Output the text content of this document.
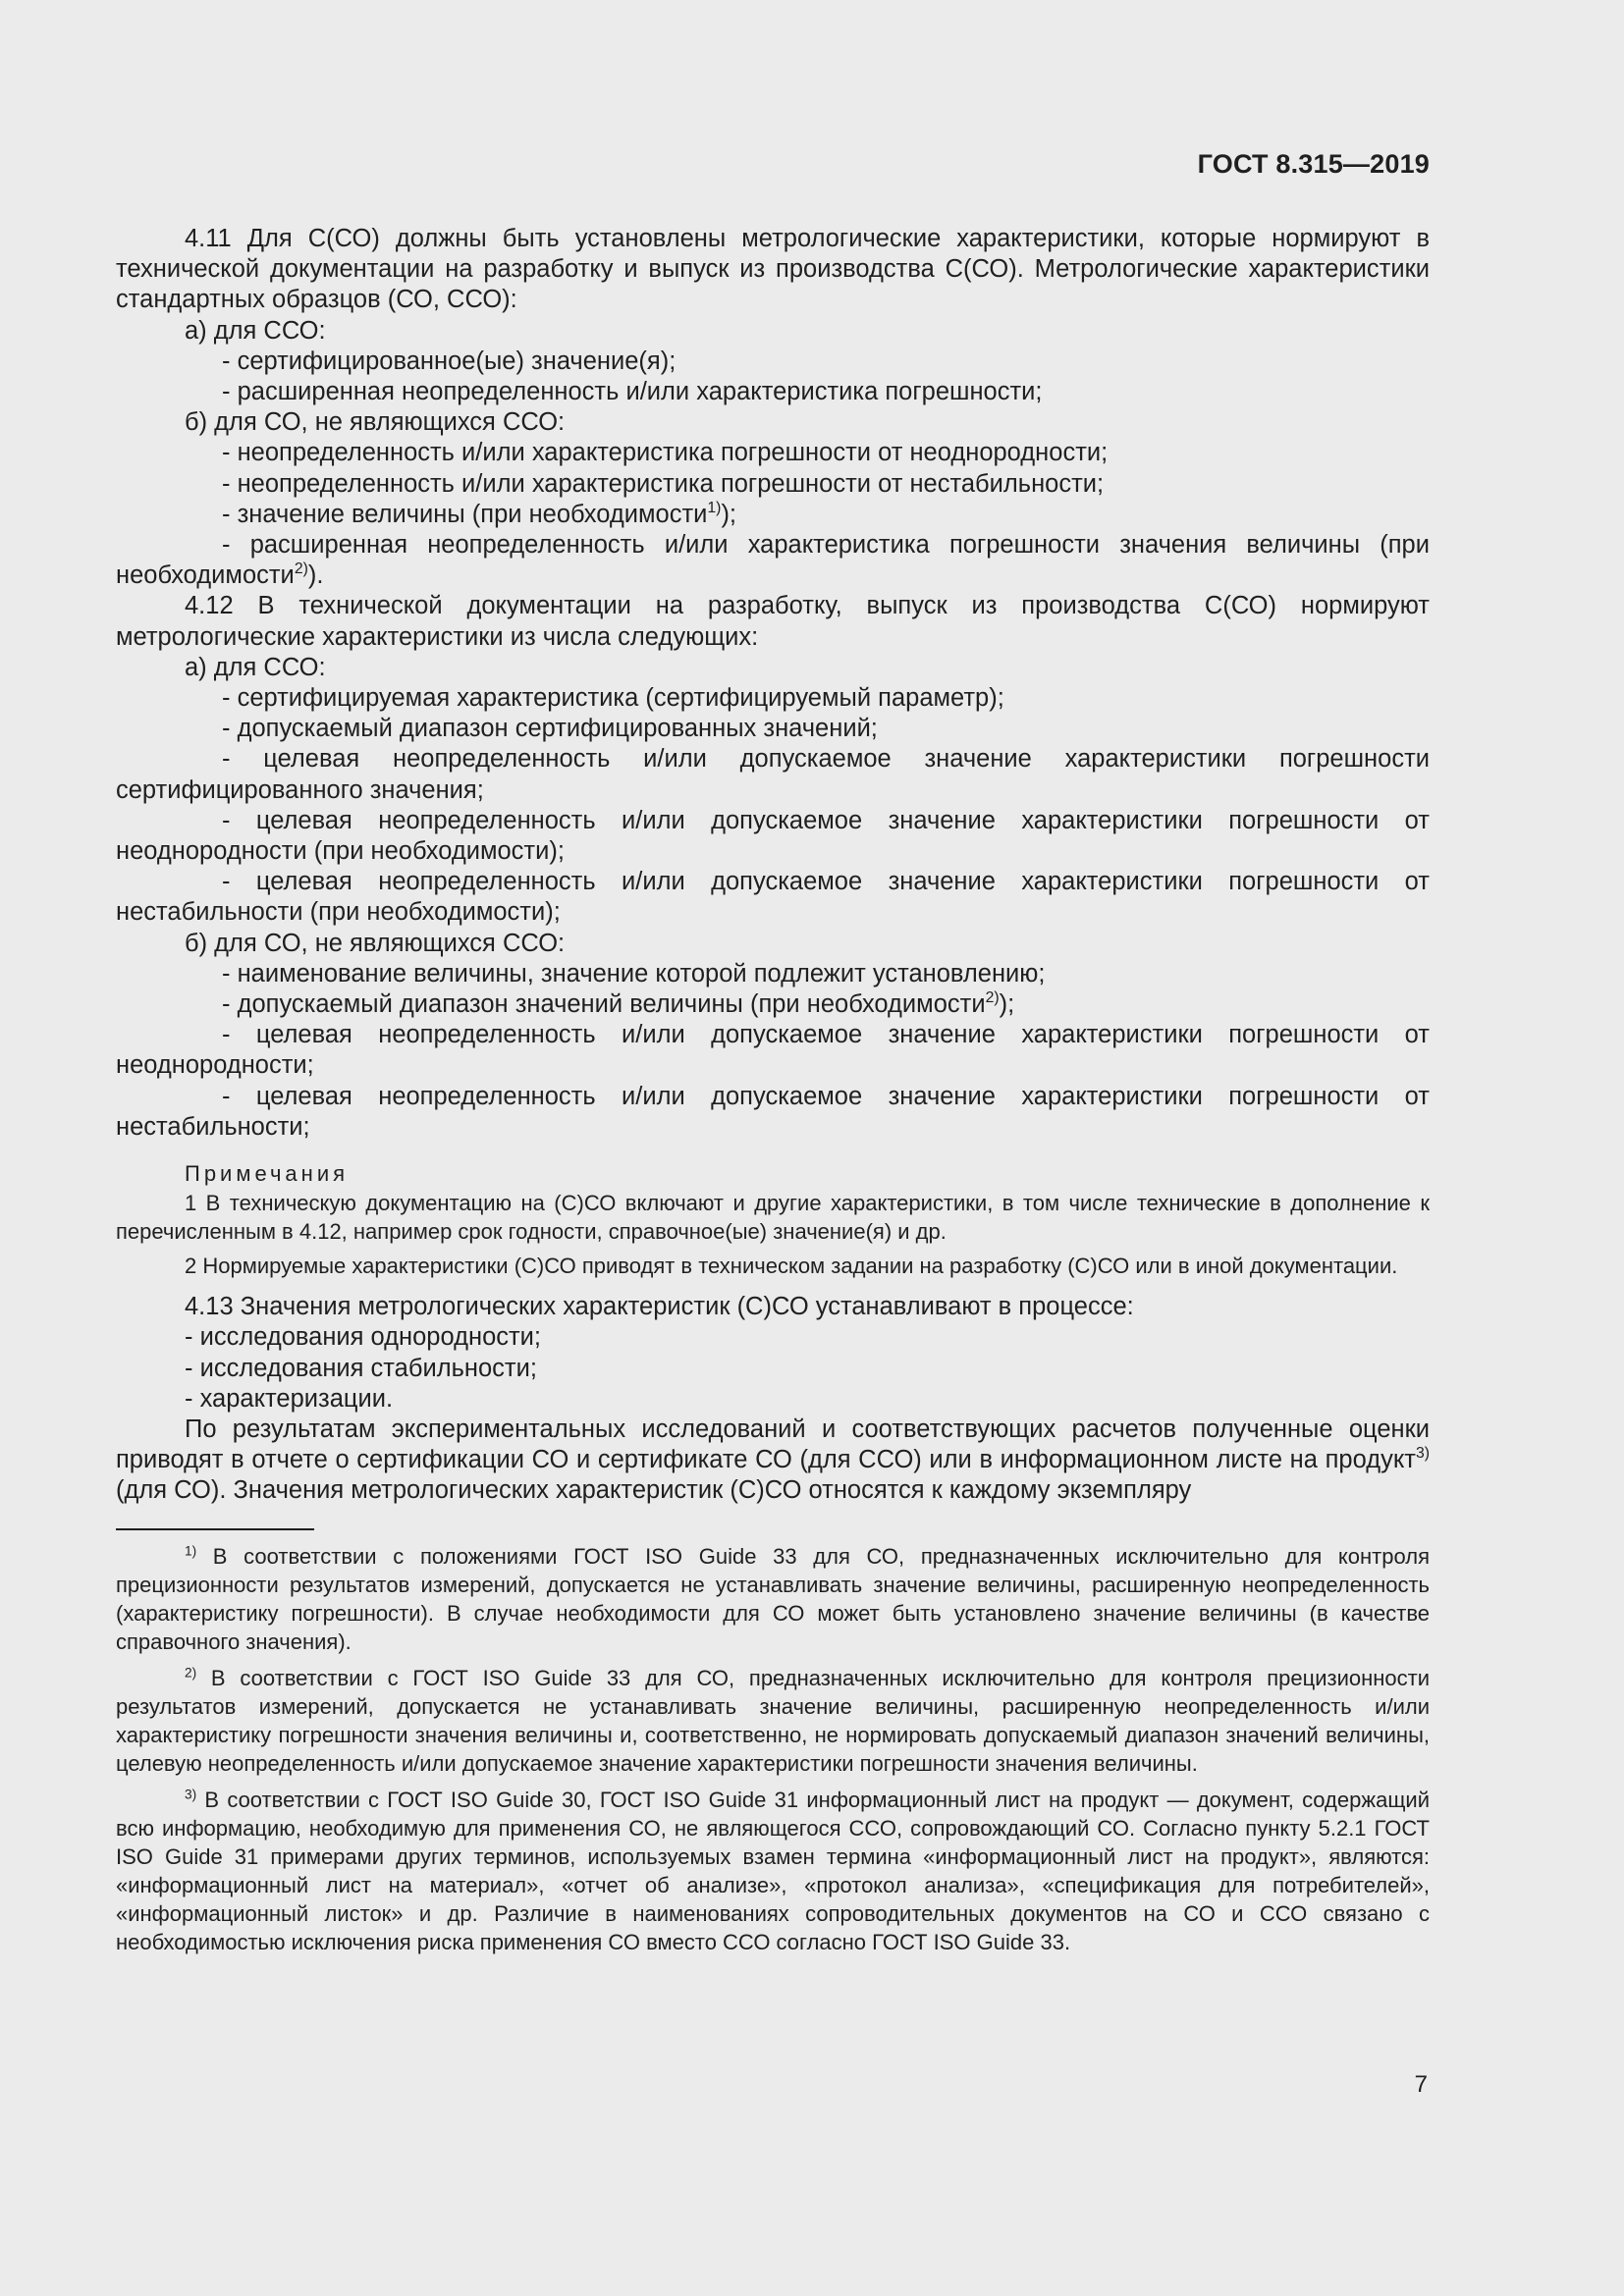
ГОСТ 8.315—2019

4.11 Для С(СО) должны быть установлены метрологические характеристики, которые нормируют в технической документации на разработку и выпуск из производства С(СО). Метрологические характеристики стандартных образцов (СО, ССО):

а) для ССО:

- сертифицированное(ые) значение(я);

- расширенная неопределенность и/или характеристика погрешности;

б) для СО, не являющихся ССО:

- неопределенность и/или характеристика погрешности от неоднородности;

- неопределенность и/или характеристика погрешности от нестабильности;

- значение величины (при необходимости$^{1)}$);

- расширенная неопределенность и/или характеристика погрешности значения величины (при необходимости$^{2)}$).

4.12 В технической документации на разработку, выпуск из производства С(СО) нормируют метрологические характеристики из числа следующих:

а) для ССО:

- сертифицируемая характеристика (сертифицируемый параметр);

- допускаемый диапазон сертифицированных значений;

- целевая неопределенность и/или допускаемое значение характеристики погрешности сертифицированного значения;

- целевая неопределенность и/или допускаемое значение характеристики погрешности от неоднородности (при необходимости);

- целевая неопределенность и/или допускаемое значение характеристики погрешности от нестабильности (при необходимости);

б) для СО, не являющихся ССО:

- наименование величины, значение которой подлежит установлению;

- допускаемый диапазон значений величины (при необходимости$^{2)}$);

- целевая неопределенность и/или допускаемое значение характеристики погрешности от неоднородности;

- целевая неопределенность и/или допускаемое значение характеристики погрешности от нестабильности;

Примечания

1 В техническую документацию на (С)СО включают и другие характеристики, в том числе технические в дополнение к перечисленным в 4.12, например срок годности, справочное(ые) значение(я) и др.

2 Нормируемые характеристики (С)СО приводят в техническом задании на разработку (С)СО или в иной документации.

4.13 Значения метрологических характеристик (С)СО устанавливают в процессе:

- исследования однородности;

- исследования стабильности;

- характеризации.

По результатам экспериментальных исследований и соответствующих расчетов полученные оценки приводят в отчете о сертификации СО и сертификате СО (для ССО) или в информационном листе на продукт$^{3)}$ (для СО). Значения метрологических характеристик (С)СО относятся к каждому экземпляру

$^{1)}$ В соответствии с положениями ГОСТ ISO Guide 33 для СО, предназначенных исключительно для контроля прецизионности результатов измерений, допускается не устанавливать значение величины, расширенную неопределенность (характеристику погрешности). В случае необходимости для СО может быть установлено значение величины (в качестве справочного значения).

$^{2)}$ В соответствии с ГОСТ ISO Guide 33 для СО, предназначенных исключительно для контроля прецизионности результатов измерений, допускается не устанавливать значение величины, расширенную неопределенность и/или характеристику погрешности значения величины и, соответственно, не нормировать допускаемый диапазон значений величины, целевую неопределенность и/или допускаемое значение характеристики погрешности значения величины.

$^{3)}$ В соответствии с ГОСТ ISO Guide 30, ГОСТ ISO Guide 31 информационный лист на продукт — документ, содержащий всю информацию, необходимую для применения СО, не являющегося ССО, сопровождающий СО. Согласно пункту 5.2.1 ГОСТ ISO Guide 31 примерами других терминов, используемых взамен термина «информационный лист на продукт», являются: «информационный лист на материал», «отчет об анализе», «протокол анализа», «спецификация для потребителей», «информационный листок» и др. Различие в наименованиях сопроводительных документов на СО и ССО связано с необходимостью исключения риска применения СО вместо ССО согласно ГОСТ ISO Guide 33.

7
